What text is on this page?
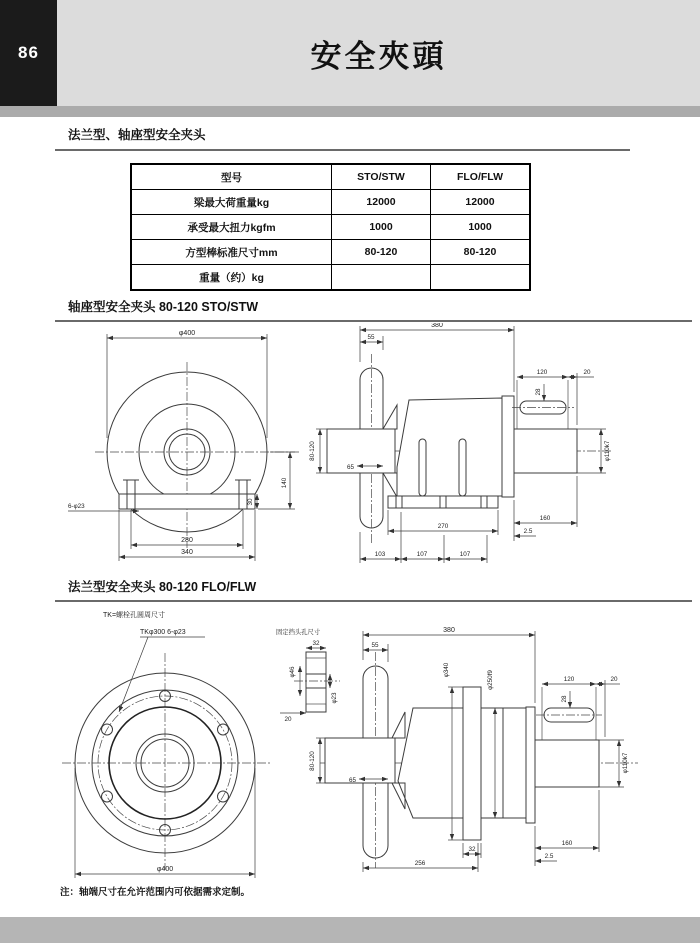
86	安全夾頭
法兰型、轴座型安全夹头
型号	STO/STW	FLO/FLW
梁最大荷重量kg	12000	12000
承受最大扭力kgfm	1000	1000
方型棒标准尺寸mm	80-120	80-120
重量（约）kg		
轴座型安全夹头 80-120 STO/STW
φ400
140
30
280
340
6-φ23
380
55
80-120
65
120
28
20
φ110k7
160
2.5
270
103	107	107
法兰型安全夹头 80-120 FLO/FLW
TK=螺栓孔圆周尺寸
TKφ300 6-φ23
φ400
固定挡头孔尺寸
32
φ46
φ23
20
380
55
φ340
φ250f9
80-120
65
120
28
20
φ110k7
160
2.5
256
32
注：轴端尺寸在允许范围内可依据需求定制。
